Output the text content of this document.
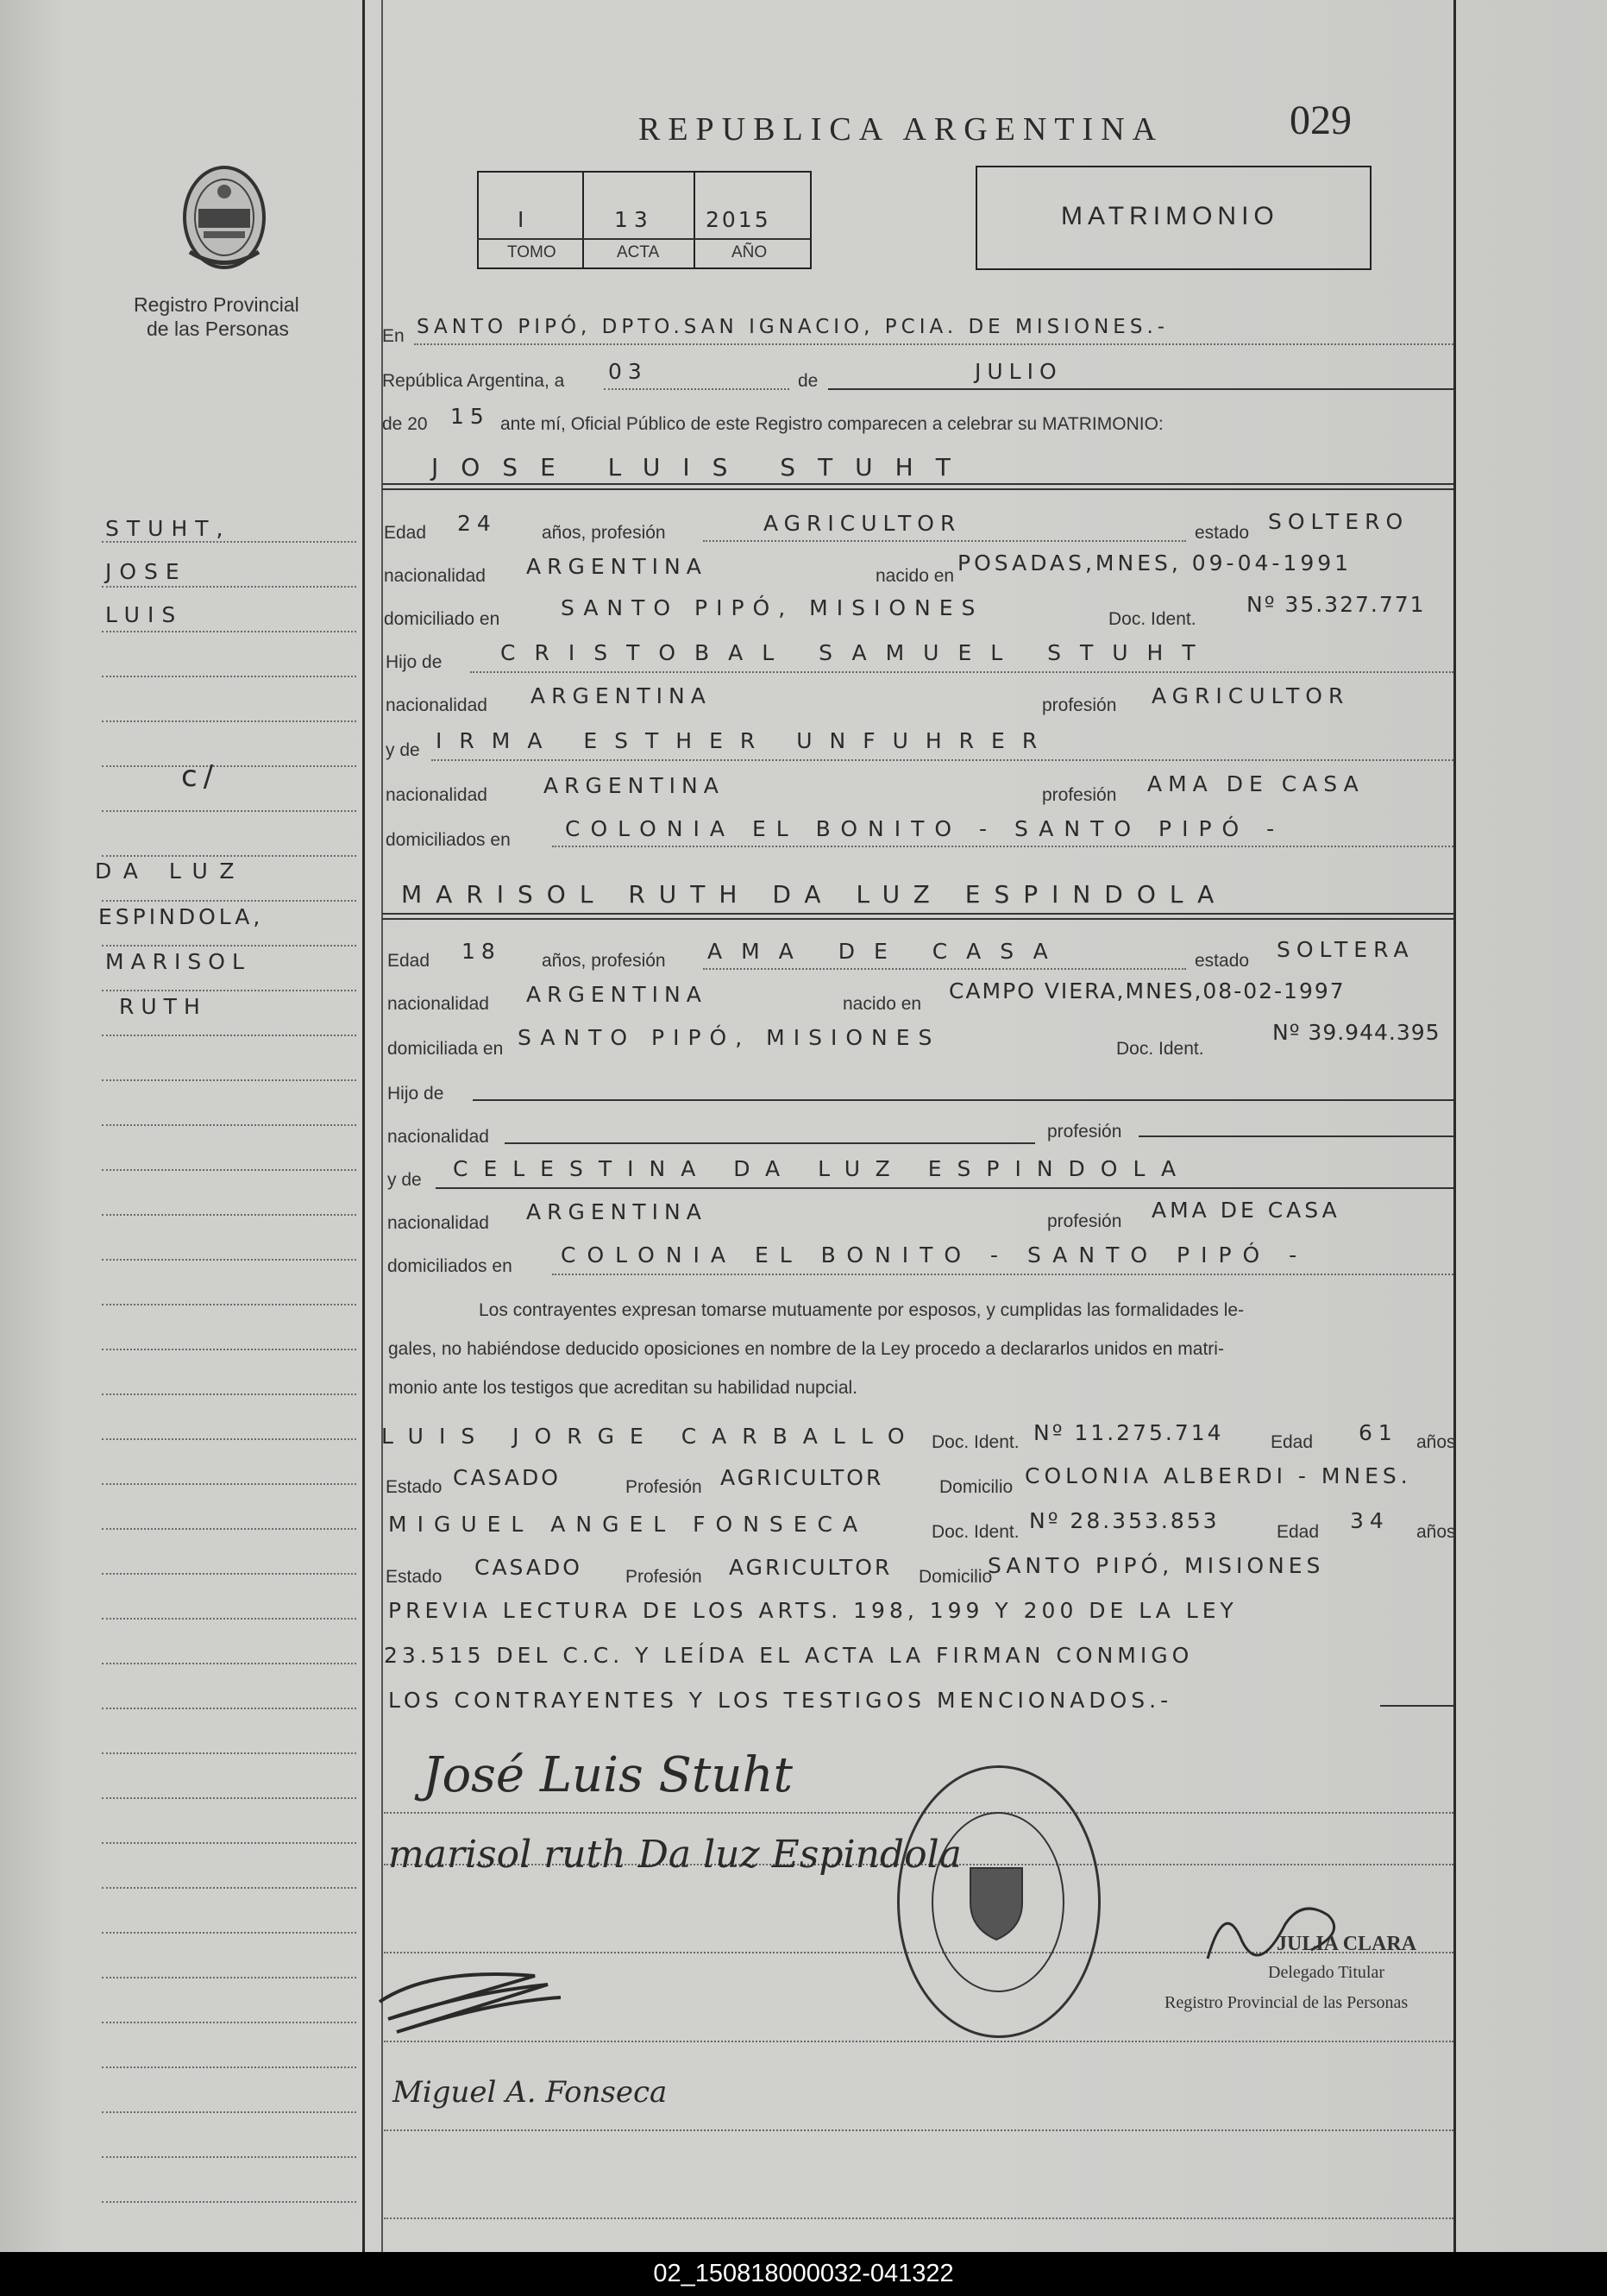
Registro Provincial
de las Personas
REPUBLICA ARGENTINA	029
I	13 2015
TOMO	ACTA	AÑO
MATRIMONIO
En SANTO PIPÓ, DPTO.SAN IGNACIO, PCIA. DE MISIONES.-
República Argentina, a 03	de	JULIO
de 20 15 ante mí, Oficial Público de este Registro comparecen a celebrar su MATRIMONIO:
JOSE LUIS STUHT
Edad 24 años, profesión	AGRICULTOR	estado SOLTERO
nacionalidad ARGENTINA	nacido en
POSADAS,MNES, 09-04-1991
domiciliado en	SANTO PIPÓ, MISIONES	Doc. Ident.
Nº 35.327.771
Hijo de	CRISTOBAL SAMUEL STUHT
nacionalidad ARGENTINA	profesión AGRICULTOR
y de IRMA ESTHER UNFUHRER
nacionalidad	ARGENTINA	profesión AMA DE CASA
domiciliados en	COLONIA EL BONITO - SANTO PIPÓ -
MARISOL RUTH DA LUZ ESPINDOLA
Edad 18 años, profesión AMA DE CASA	estado SOLTERA
nacionalidad ARGENTINA	nacido en
CAMPO VIERA,MNES,08-02-1997
domiciliada en SANTO PIPÓ, MISIONES	Doc. Ident.
Nº 39.944.395
Hijo de
nacionalidad	profesión
y de CELESTINA DA LUZ ESPINDOLA
nacionalidad ARGENTINA	profesión AMA DE CASA
domiciliados en COLONIA EL BONITO - SANTO PIPÓ -
Los contrayentes expresan tomarse mutuamente por esposos, y cumplidas las formalidades le-
gales, no habiéndose deducido oposiciones en nombre de la Ley procedo a declararlos unidos en matri-
monio ante los testigos que acreditan su habilidad nupcial.
LUIS JORGE CARBALLO Doc. Ident. Nº 11.275.714	Edad 61 años
Estado CASADO	Profesión AGRICULTOR	Domicilio COLONIA ALBERDI - MNES.
MIGUEL ANGEL FONSECA	Doc. Ident. Nº 28.353.853	Edad 34 años
Estado CASADO Profesión AGRICULTOR Domicilio
SANTO PIPÓ, MISIONES
PREVIA LECTURA DE LOS ARTS. 198, 199 Y 200 DE LA LEY
23.515 DEL C.C. Y LEÍDA EL ACTA LA FIRMAN CONMIGO
LOS CONTRAYENTES Y LOS TESTIGOS MENCIONADOS.-
José Luis Stuht
marisol ruth Da luz Espindola
Miguel A. Fonseca
JULIA CLARA
Delegado Titular
Registro Provincial de las Personas
STUHT,
JOSE
LUIS
c/
DA LUZ
ESPINDOLA,
MARISOL
RUTH
02_150818000032-041322
